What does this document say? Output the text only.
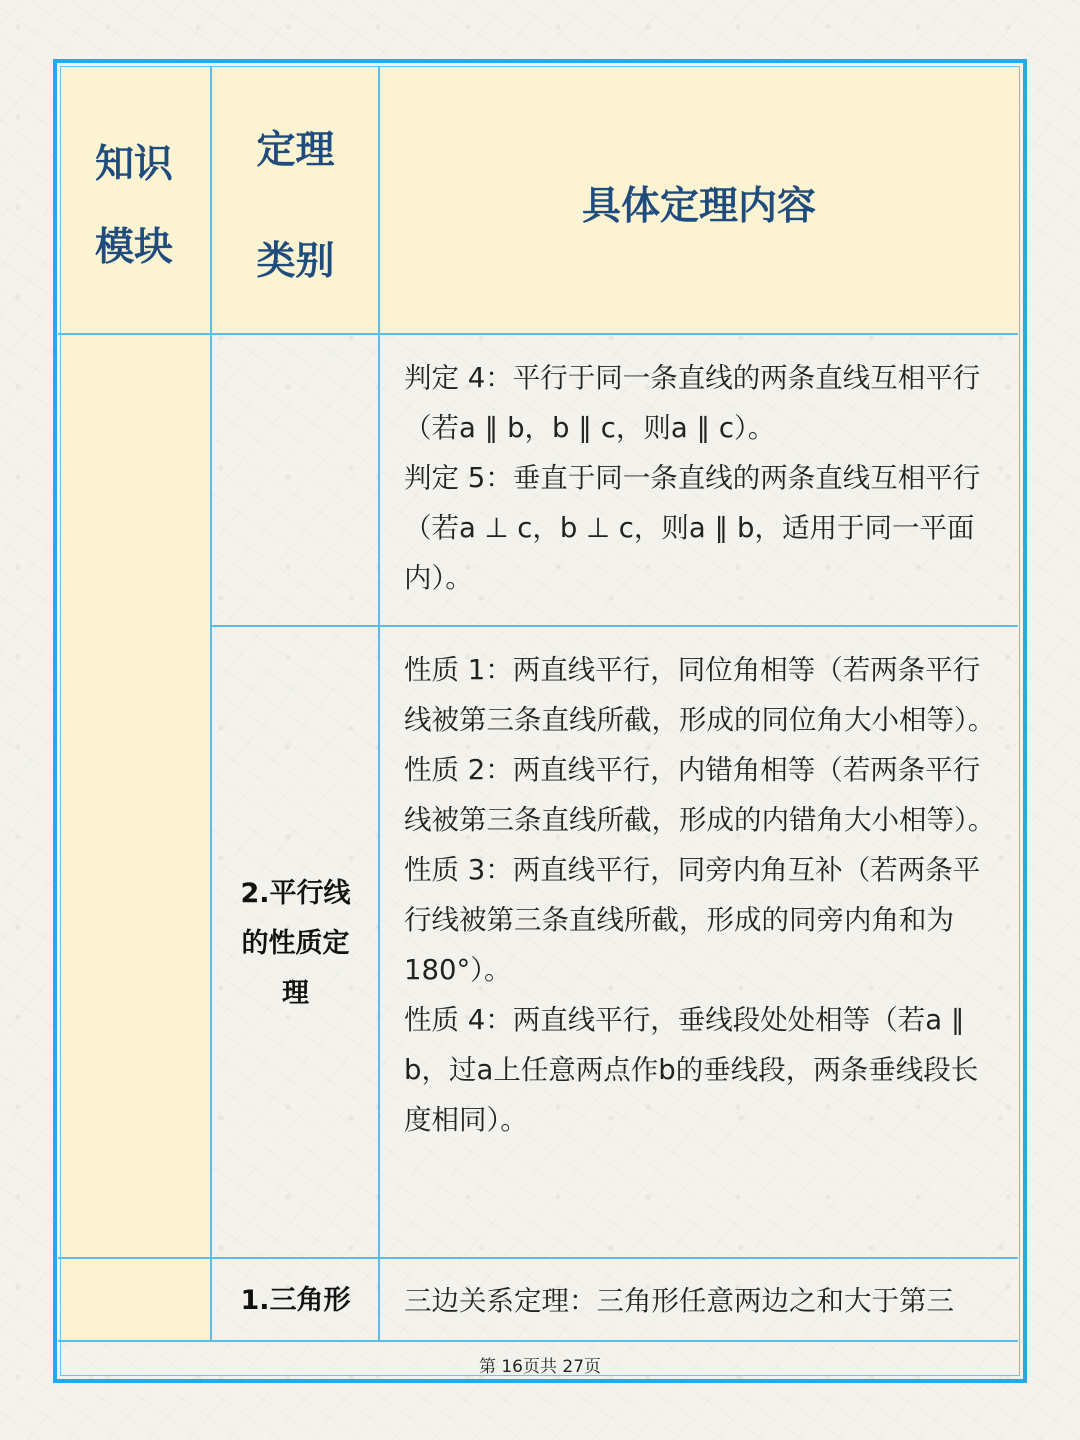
知识
模块
定理
类别
具体定理内容

判定 4：平行于同一条直线的两条直线互相平行（若a ∥ b，b ∥ c，则a ∥ c）。

判定 5：垂直于同一条直线的两条直线互相平行（若a ⊥ c，b ⊥ c，则a ∥ b，适用于同一平面内）。

2.平行线
的性质定
理

性质 1：两直线平行，同位角相等（若两条平行线被第三条直线所截，形成的同位角大小相等）。

性质 2：两直线平行，内错角相等（若两条平行线被第三条直线所截，形成的内错角大小相等）。

性质 3：两直线平行，同旁内角互补（若两条平行线被第三条直线所截，形成的同旁内角和为 180°）。

性质 4：两直线平行，垂线段处处相等（若a ∥ b，过a上任意两点作b的垂线段，两条垂线段长度相同）。

1.三角形	三边关系定理：三角形任意两边之和大于第三

第 16页共 27页
